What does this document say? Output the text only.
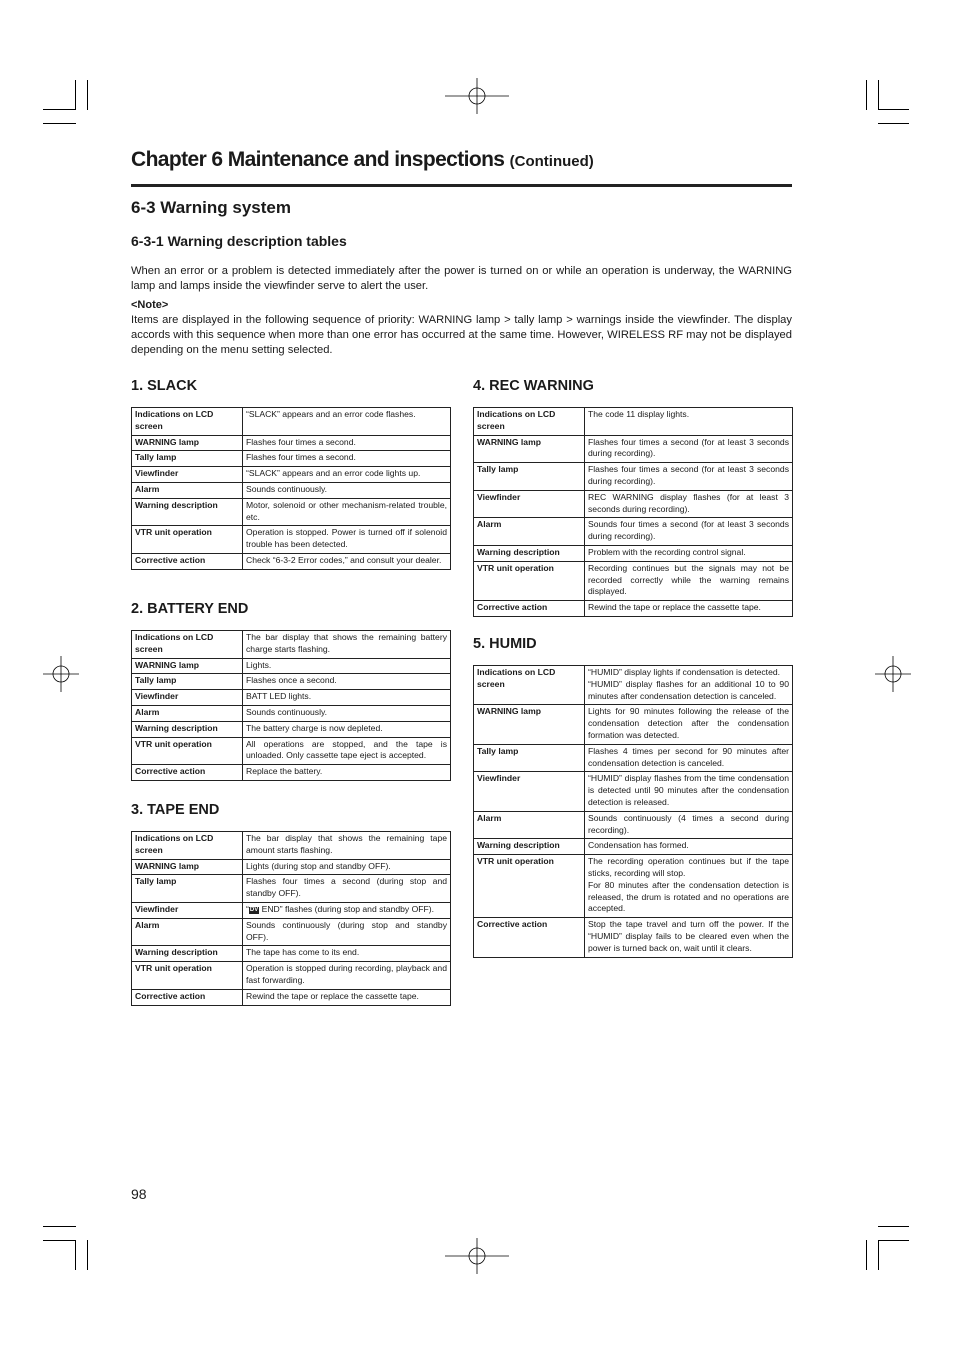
Chapter 6 Maintenance and inspections (Continued)
6-3 Warning system
6-3-1 Warning description tables
When an error or a problem is detected immediately after the power is turned on or while an operation is underway, the WARNING lamp and lamps inside the viewfinder serve to alert the user.
<Note>
Items are displayed in the following sequence of priority: WARNING lamp > tally lamp > warnings inside the viewfinder. The display accords with this sequence when more than one error has occurred at the same time. However, WIRELESS RF may not be displayed depending on the menu setting selected.
1. SLACK
Indications on LCD screen	“SLACK” appears and an error code flashes.
WARNING lamp	Flashes four times a second.
Tally lamp	Flashes four times a second.
Viewfinder	“SLACK” appears and an error code lights up.
Alarm	Sounds continuously.
Warning description	Motor, solenoid or other mechanism-related trouble, etc.
VTR unit operation	Operation is stopped. Power is turned off if solenoid trouble has been detected.
Corrective action	Check “6-3-2 Error codes,” and consult your dealer.
2. BATTERY END
Indications on LCD screen	The bar display that shows the remaining battery charge starts flashing.
WARNING lamp	Lights.
Tally lamp	Flashes once a second.
Viewfinder	BATT LED lights.
Alarm	Sounds continuously.
Warning description	The battery charge is now depleted.
VTR unit operation	All operations are stopped, and the tape is unloaded. Only cassette tape eject is accepted.
Corrective action	Replace the battery.
3. TAPE END
Indications on LCD screen	The bar display that shows the remaining tape amount starts flashing.
WARNING lamp	Lights (during stop and standby OFF).
Tally lamp	Flashes four times a second (during stop and standby OFF).
Viewfinder	“DV END” flashes (during stop and standby OFF).
Alarm	Sounds continuously (during stop and standby OFF).
Warning description	The tape has come to its end.
VTR unit operation	Operation is stopped during recording, playback and fast forwarding.
Corrective action	Rewind the tape or replace the cassette tape.
4. REC WARNING
Indications on LCD screen	The code 11 display lights.
WARNING lamp	Flashes four times a second (for at least 3 seconds during recording).
Tally lamp	Flashes four times a second (for at least 3 seconds during recording).
Viewfinder	REC WARNING display flashes (for at least 3 seconds during recording).
Alarm	Sounds four times a second (for at least 3 seconds during recording).
Warning description	Problem with the recording control signal.
VTR unit operation	Recording continues but the signals may not be recorded correctly while the warning remains displayed.
Corrective action	Rewind the tape or replace the cassette tape.
5. HUMID
Indications on LCD screen	“HUMID” display lights if condensation is detected.
“HUMID” display flashes for an additional 10 to 90 minutes after condensation detection is canceled.
WARNING lamp	Lights for 90 minutes following the release of the condensation detection after the condensation formation was detected.
Tally lamp	Flashes 4 times per second for 90 minutes after condensation detection is canceled.
Viewfinder	“HUMID” display flashes from the time condensation is detected until 90 minutes after the condensation detection is released.
Alarm	Sounds continuously (4 times a second during recording).
Warning description	Condensation has formed.
VTR unit operation	The recording operation continues but if the tape sticks, recording will stop.
For 80 minutes after the condensation detection is released, the drum is rotated and no operations are accepted.
Corrective action	Stop the tape travel and turn off the power. If the “HUMID” display fails to be cleared even when the power is turned back on, wait until it clears.
98
